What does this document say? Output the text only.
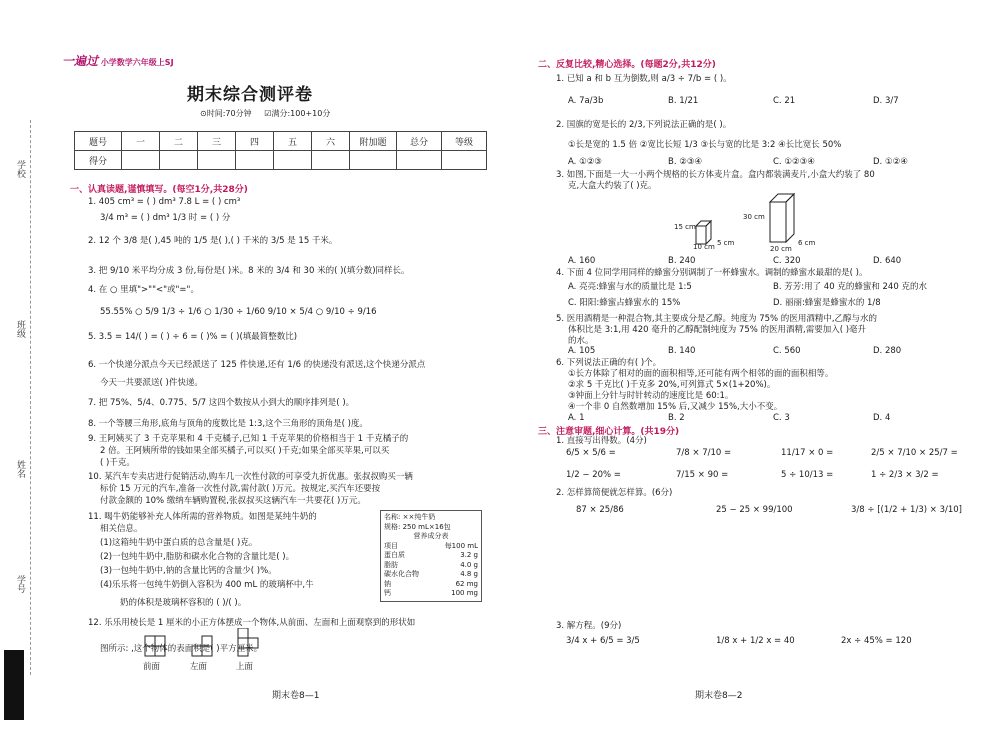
学校
班级
姓名
学号
一遍过 小学数学六年级上SJ
期末综合测评卷
⊙时间:70分钟 ☑满分:100+10分
题号	一	二	三	四	五	六	附加题	总分	等级
得分									
一、认真读题,谨慎填写。(每空1分,共28分)
1. 405 cm³ = ( ) dm³ 7.8 L = ( ) cm³
3/4 m³ = ( ) dm³ 1/3 时 = ( ) 分
2. 12 个 3/8 是( ),45 吨的 1/5 是( ),( ) 千米的 3/5 是 15 千米。
3. 把 9/10 米平均分成 3 份,每份是( )米。8 米的 3/4 和 30 米的( )(填分数)同样长。
4. 在 ○ 里填">""<"或"="。
55.55% ○ 5/9 1/3 ÷ 1/6 ○ 1/30 ÷ 1/60 9/10 × 5/4 ○ 9/10 ÷ 9/16
5. 3.5 = 14/( ) = ( ) ÷ 6 = ( )% = ( )(填最简整数比)
6. 一个快递分派点今天已经派送了 125 件快递,还有 1/6 的快递没有派送,这个快递分派点
今天一共要派送( )件快递。
7. 把 75%、5/4、0.775、5/7 这四个数按从小到大的顺序排列是( )。
8. 一个等腰三角形,底角与顶角的度数比是 1:3,这个三角形的顶角是( )度。
9. 王阿姨买了 3 千克苹果和 4 千克橘子,已知 1 千克苹果的价格相当于 1 千克橘子的
2 倍。王阿姨所带的钱如果全部买橘子,可以买( )千克;如果全部买苹果,可以买
( )千克。
10. 某汽车专卖店进行促销活动,购车几一次性付款的可享受九折优惠。张叔叔购买一辆
标价 15 万元的汽车,准备一次性付款,需付款( )万元。按规定,买汽车还要按
付款金额的 10% 缴纳车辆购置税,张叔叔买这辆汽车一共要花( )万元。
11. 喝牛奶能够补充人体所需的营养物质。如图是某纯牛奶的
相关信息。
(1)这箱纯牛奶中蛋白质的总含量是( )克。
(2)一包纯牛奶中,脂肪和碳水化合物的含量比是( )。
(3)一包纯牛奶中,钠的含量比钙的含量少( )%。
(4)乐乐将一包纯牛奶倒入容积为 400 mL 的玻璃杯中,牛
奶的体积是玻璃杯容积的 ( )/( )。
12. 乐乐用棱长是 1 厘米的小正方体摆成一个物体,从前面、左面和上面观察到的形状如
图所示: ,这个物体的表面积是( )平方厘米。
名称: ××纯牛奶
规格: 250 mL×16包
营养成分表
项目	每100 mL
蛋白质	3.2 g
脂肪	4.0 g
碳水化合物	4.8 g
钠	62 mg
钙	100 mg
前面	左面	上面
期末卷8—1
二、反复比较,精心选择。(每题2分,共12分)
1. 已知 a 和 b 互为倒数,则 a/3 ÷ 7/b = ( )。
A. 7a/3b	B. 1/21	C. 21	D. 3/7
2. 国旗的宽是长的 2/3,下列说法正确的是( )。
①长是宽的 1.5 倍 ②宽比长短 1/3 ③长与宽的比是 3:2 ④长比宽长 50%
A. ①②③	B. ②③④	C. ①②③④	D. ①②④
3. 如图,下面是一大一小两个规格的长方体麦片盒。盒内都装满麦片,小盒大约装了 80
克,大盒大约装了( )克。
15 cm
10 cm 5 cm
30 cm
20 cm
6 cm
A. 160	B. 240	C. 320	D. 640
4. 下面 4 位同学用同样的蜂蜜分别调制了一杯蜂蜜水。调制的蜂蜜水最甜的是( )。
A. 亮亮:蜂蜜与水的质量比是 1:5	B. 芳芳:用了 40 克的蜂蜜和 240 克的水
C. 阳阳:蜂蜜占蜂蜜水的 15%	D. 丽丽:蜂蜜是蜂蜜水的 1/8
5. 医用酒精是一种混合物,其主要成分是乙醇。纯度为 75% 的医用酒精中,乙醇与水的
体积比是 3:1,用 420 毫升的乙醇配制纯度为 75% 的医用酒精,需要加入( )毫升
的水。
A. 105	B. 140	C. 560	D. 280
6. 下列说法正确的有( )个。
①长方体除了相对的面的面积相等,还可能有两个相邻的面的面积相等。
②求 5 千克比( )千克多 20%,可列算式 5×(1+20%)。
③钟面上分针与时针转动的速度比是 60:1。
④一个非 0 自然数增加 15% 后,又减少 15%,大小不变。
A. 1	B. 2	C. 3	D. 4
三、注意审题,细心计算。(共19分)
1. 直接写出得数。(4分)
6/5 × 5/6 =	7/8 × 7/10 =	11/17 × 0 =	2/5 × 7/10 × 25/7 =
1/2 − 20% =	7/15 × 90 =	5 ÷ 10/13 =	1 ÷ 2/3 × 3/2 =
2. 怎样算简便就怎样算。(6分)
87 × 25/86	25 − 25 × 99/100	3/8 ÷ [(1/2 + 1/3) × 3/10]
3. 解方程。(9分)
3/4 x + 6/5 = 3/5	1/8 x + 1/2 x = 40	2x ÷ 45% = 120
期末卷8—2
